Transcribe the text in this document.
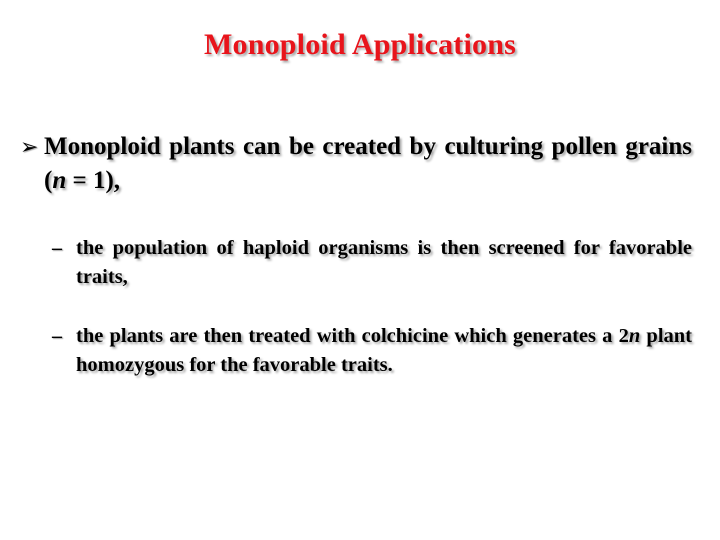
Monoploid Applications
➢ Monoploid plants can be created by culturing pollen grains (n = 1),
– the population of haploid organisms is then screened for favorable traits,
– the plants are then treated with colchicine which generates a 2n plant homozygous for the favorable traits.
